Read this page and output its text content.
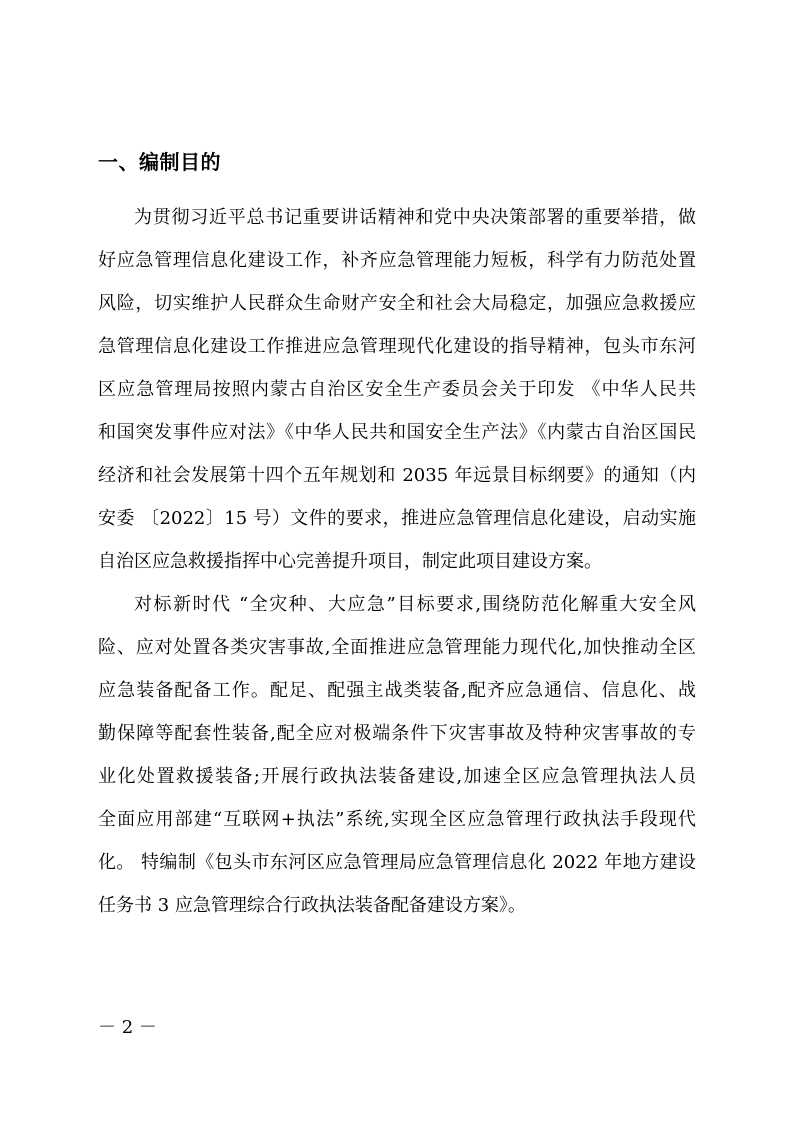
一、编制目的

为贯彻习近平总书记重要讲话精神和党中央决策部署的重要举措，做

好应急管理信息化建设工作，补齐应急管理能力短板，科学有力防范处置

风险，切实维护人民群众生命财产安全和社会大局稳定，加强应急救援应

急管理信息化建设工作推进应急管理现代化建设的指导精神，包头市东河

区应急管理局按照内蒙古自治区安全生产委员会关于印发 《中华人民共

和国突发事件应对法》《中华人民共和国安全生产法》《内蒙古自治区国民

经济和社会发展第十四个五年规划和 2035 年远景目标纲要》的通知（内

安委 〔2022〕15 号）文件的要求，推进应急管理信息化建设，启动实施

自治区应急救援指挥中心完善提升项目，制定此项目建设方案。

对标新时代 “全灾种、大应急”目标要求,围绕防范化解重大安全风

险、应对处置各类灾害事故,全面推进应急管理能力现代化,加快推动全区

应急装备配备工作。配足、配强主战类装备,配齐应急通信、信息化、战

勤保障等配套性装备,配全应对极端条件下灾害事故及特种灾害事故的专

业化处置救援装备;开展行政执法装备建设,加速全区应急管理执法人员

全面应用部建“互联网+执法”系统,实现全区应急管理行政执法手段现代

化。 特编制《包头市东河区应急管理局应急管理信息化 2022 年地方建设

任务书 3 应急管理综合行政执法装备配备建设方案》。

－ 2 －
